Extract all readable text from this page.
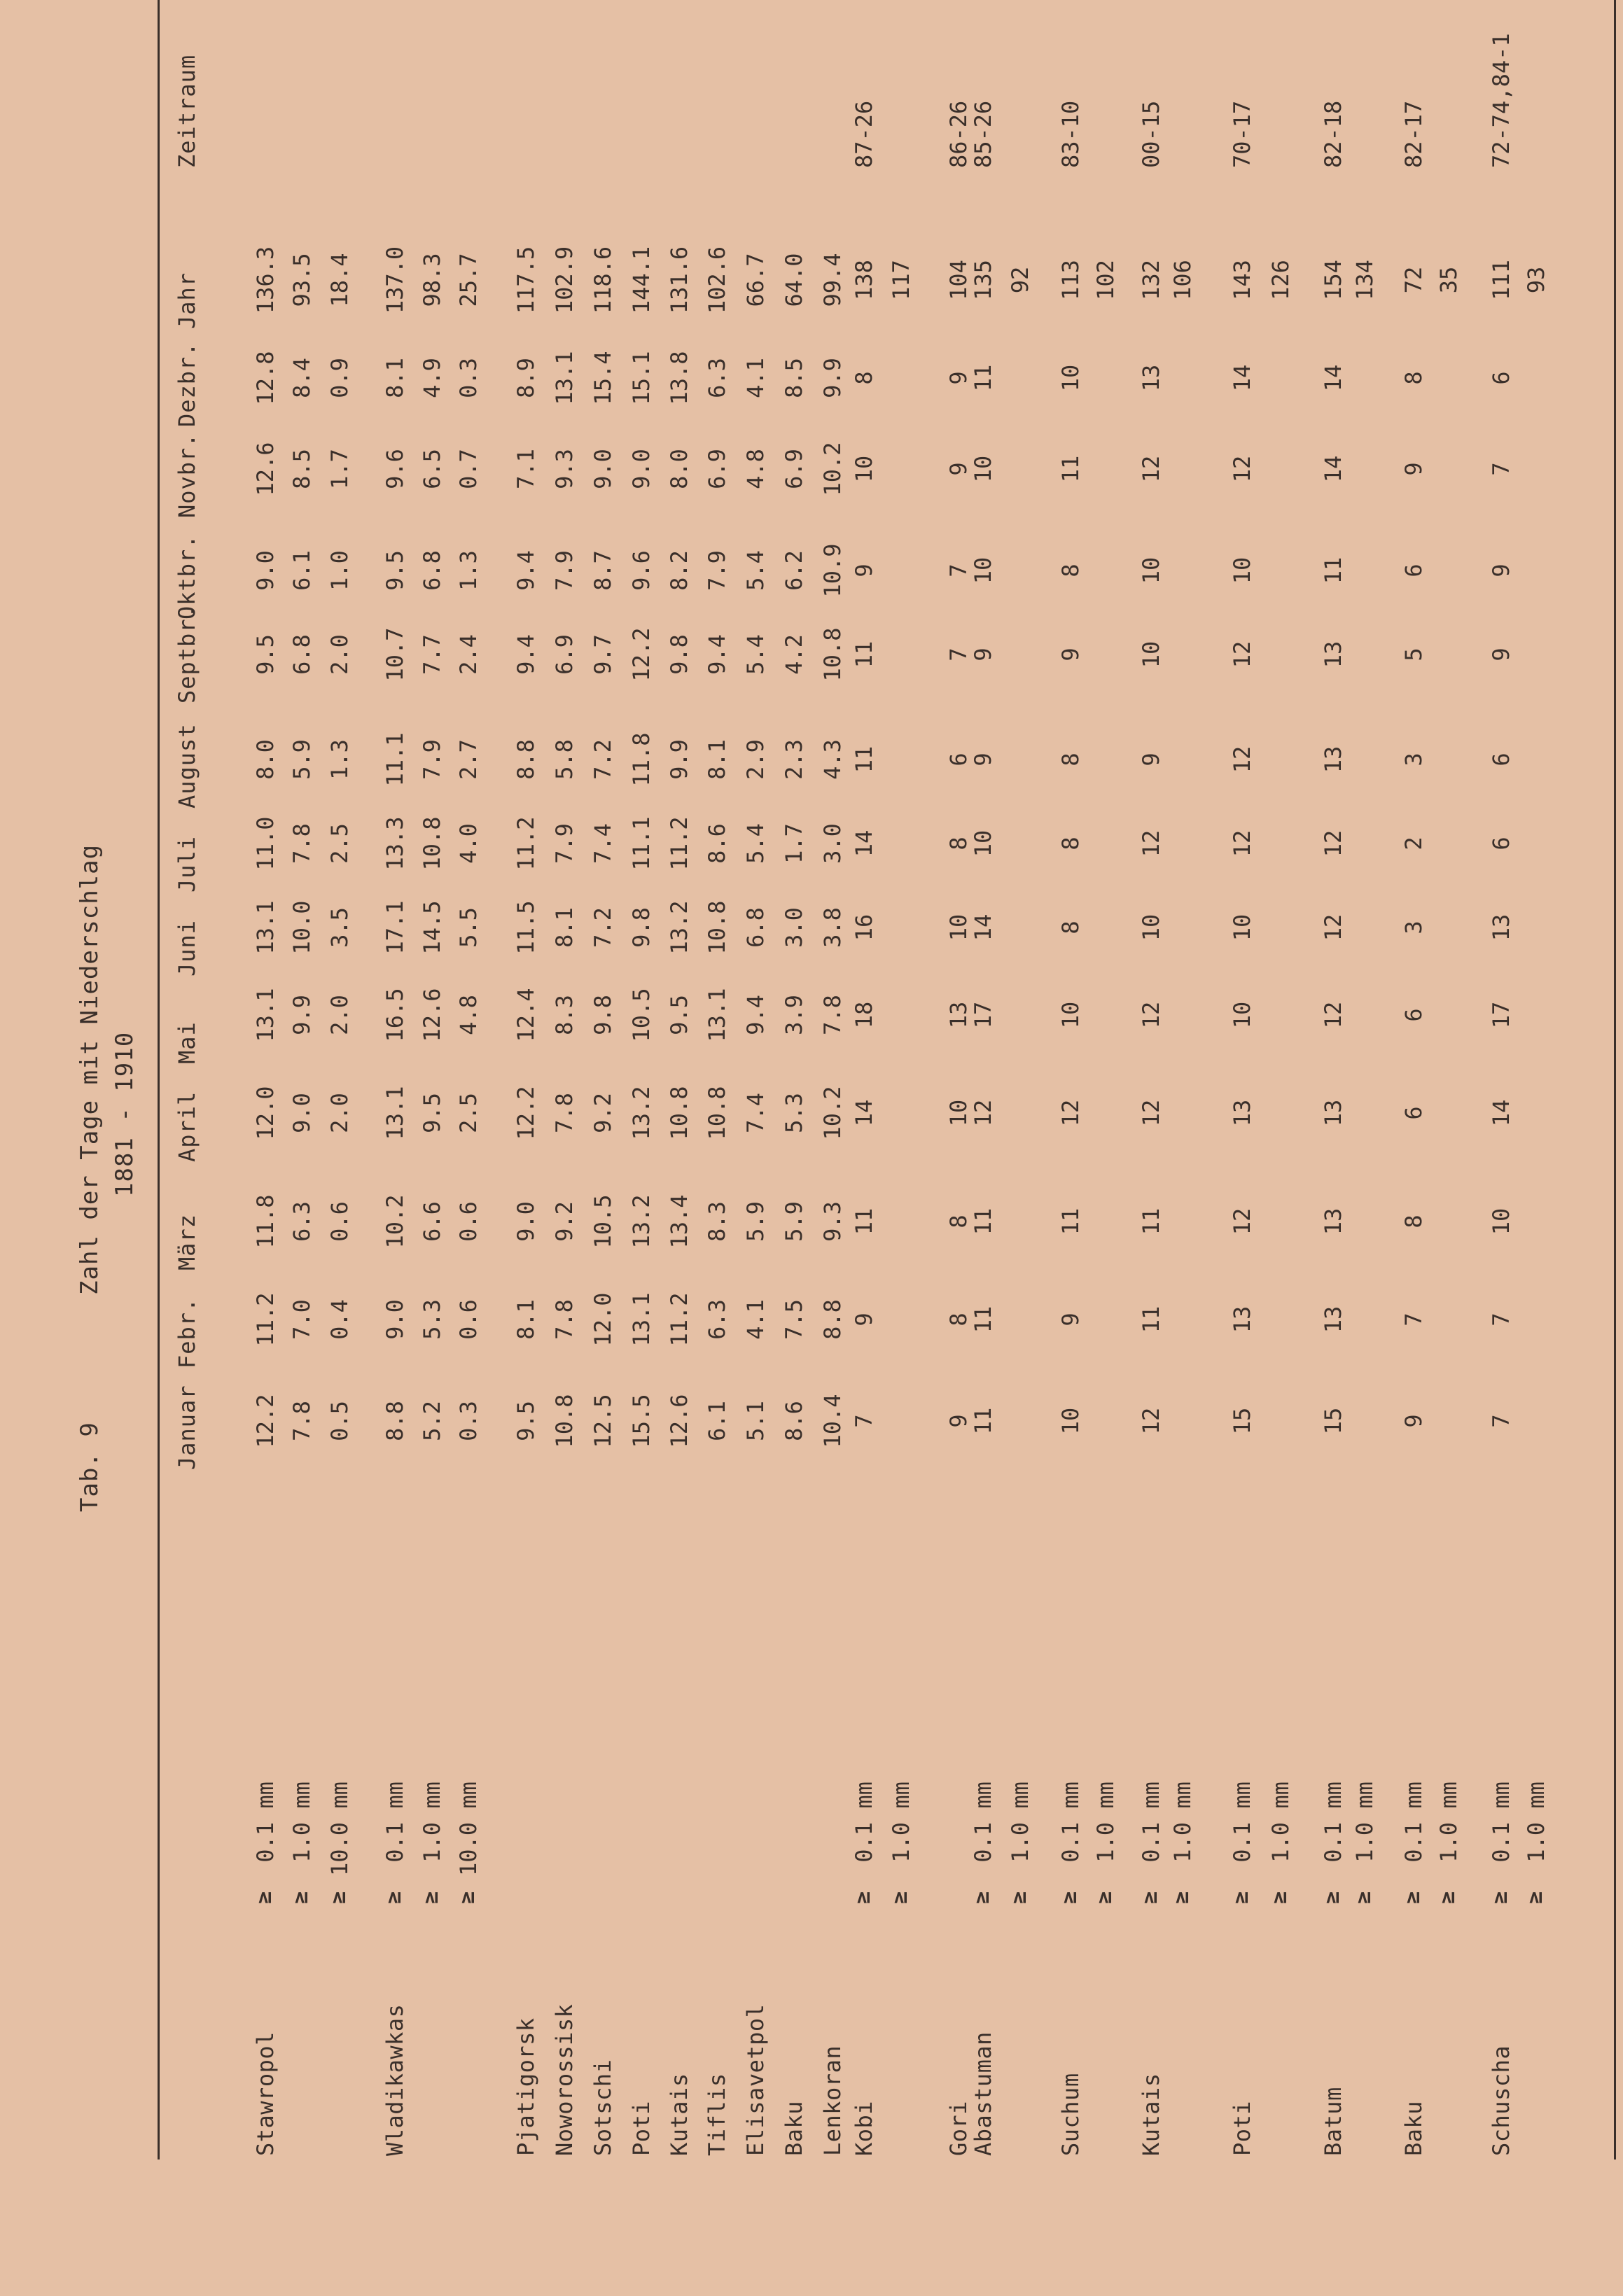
Tab. 9
Zahl der Tage mit Niederschlag 1881 - 1910
Januar
Febr.
März
April
Mai
Juni
Juli
August
Septbr.
Oktbr.
Novbr.
Dezbr.
Jahr
Zeitraum
Stawropol
≥
0.1 mm
12.2
11.2
11.8
12.0
13.1
13.1
11.0
8.0
9.5
9.0
12.6
12.8
136.3
≥
1.0 mm
7.8
7.0
6.3
9.0
9.9
10.0
7.8
5.9
6.8
6.1
8.5
8.4
93.5
≥
10.0 mm
0.5
0.4
0.6
2.0
2.0
3.5
2.5
1.3
2.0
1.0
1.7
0.9
18.4
Wladikawkas
≥
0.1 mm
8.8
9.0
10.2
13.1
16.5
17.1
13.3
11.1
10.7
9.5
9.6
8.1
137.0
≥
1.0 mm
5.2
5.3
6.6
9.5
12.6
14.5
10.8
7.9
7.7
6.8
6.5
4.9
98.3
≥
10.0 mm
0.3
0.6
0.6
2.5
4.8
5.5
4.0
2.7
2.4
1.3
0.7
0.3
25.7
Pjatigorsk
9.5
8.1
9.0
12.2
12.4
11.5
11.2
8.8
9.4
9.4
7.1
8.9
117.5
Noworossisk
10.8
7.8
9.2
7.8
8.3
8.1
7.9
5.8
6.9
7.9
9.3
13.1
102.9
Sotschi
12.5
12.0
10.5
9.2
9.8
7.2
7.4
7.2
9.7
8.7
9.0
15.4
118.6
Poti
15.5
13.1
13.2
13.2
10.5
9.8
11.1
11.8
12.2
9.6
9.0
15.1
144.1
Kutais
12.6
11.2
13.4
10.8
9.5
13.2
11.2
9.9
9.8
8.2
8.0
13.8
131.6
Tiflis
6.1
6.3
8.3
10.8
13.1
10.8
8.6
8.1
9.4
7.9
6.9
6.3
102.6
Elisavetpol
5.1
4.1
5.9
7.4
9.4
6.8
5.4
2.9
5.4
5.4
4.8
4.1
66.7
Baku
8.6
7.5
5.9
5.3
3.9
3.0
1.7
2.3
4.2
6.2
6.9
8.5
64.0
Lenkoran
10.4
8.8
9.3
10.2
7.8
3.8
3.0
4.3
10.8
10.9
10.2
9.9
99.4
Kobi
≥
0.1 mm
7
9
11
14
18
16
14
11
11
9
10
8
138
87-26
≥
1.0 mm
117
Gori
9
8
8
10
13
10
8
6
7
7
9
9
104
86-26
Abastuman
≥
0.1 mm
11
11
11
12
17
14
10
9
9
10
10
11
135
85-26
≥
1.0 mm
92
Suchum
≥
0.1 mm
10
9
11
12
10
8
8
8
9
8
11
10
113
83-10
≥
1.0 mm
102
Kutais
≥
0.1 mm
12
11
11
12
12
10
12
9
10
10
12
13
132
00-15
≥
1.0 mm
106
Poti
≥
0.1 mm
15
13
12
13
10
10
12
12
12
10
12
14
143
70-17
≥
1.0 mm
126
Batum
≥
0.1 mm
15
13
13
13
12
12
12
13
13
11
14
14
154
82-18
≥
1.0 mm
134
Baku
≥
0.1 mm
9
7
8
6
6
3
2
3
5
6
9
8
72
82-17
≥
1.0 mm
35
Schuscha
≥
0.1 mm
7
7
10
14
17
13
6
6
9
9
7
6
111
72-74,84-1
≥
1.0 mm
93
